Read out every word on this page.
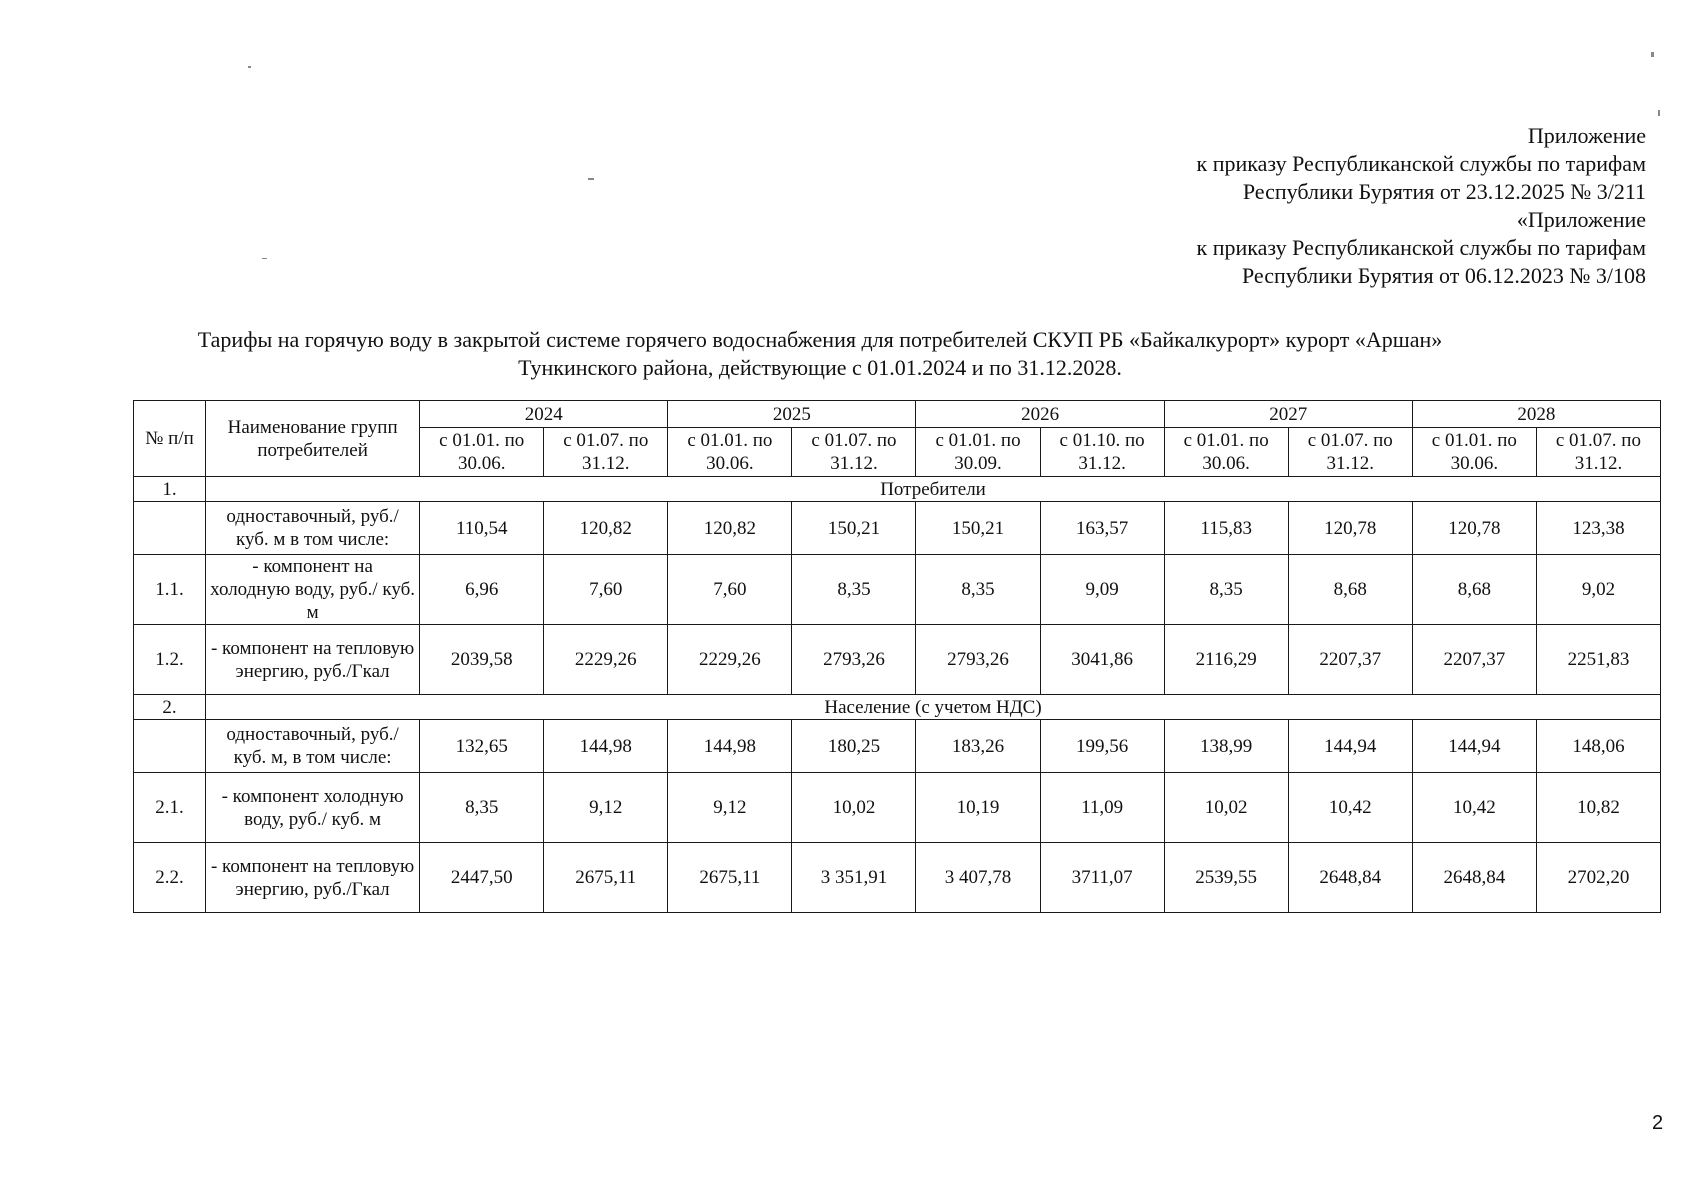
Приложение
к приказу Республиканской службы по тарифам
Республики Бурятия от 23.12.2025 № 3/211
«Приложение
к приказу Республиканской службы по тарифам
Республики Бурятия от 06.12.2023 № 3/108
Тарифы на горячую воду в закрытой системе горячего водоснабжения для потребителей СКУП РБ «Байкалкурорт» курорт «Аршан»
Тункинского района, действующие с 01.01.2024 и по 31.12.2028.
№ п/п	Наименование групп потребителей	2024		2025		2026		2027		2028	
		с 01.01. по 30.06.	с 01.07. по 31.12.	с 01.01. по 30.06.	с 01.07. по 31.12.	с 01.01. по 30.09.	с 01.10. по 31.12.	с 01.01. по 30.06.	с 01.07. по 31.12.	с 01.01. по 30.06.	с 01.07. по 31.12.
1.	Потребители										
	одноставочный, руб./ куб. м в том числе:	110,54	120,82	120,82	150,21	150,21	163,57	115,83	120,78	120,78	123,38
1.1.	- компонент на холодную воду, руб./ куб. м	6,96	7,60	7,60	8,35	8,35	9,09	8,35	8,68	8,68	9,02
1.2.	- компонент на тепловую энергию, руб./Гкал	2039,58	2229,26	2229,26	2793,26	2793,26	3041,86	2116,29	2207,37	2207,37	2251,83
2.	Население (с учетом НДС)										
	одноставочный, руб./ куб. м, в том числе:	132,65	144,98	144,98	180,25	183,26	199,56	138,99	144,94	144,94	148,06
2.1.	- компонент холодную воду, руб./ куб. м	8,35	9,12	9,12	10,02	10,19	11,09	10,02	10,42	10,42	10,82
2.2.	- компонент на тепловую энергию, руб./Гкал	2447,50	2675,11	2675,11	3 351,91	3 407,78	3711,07	2539,55	2648,84	2648,84	2702,20
2
